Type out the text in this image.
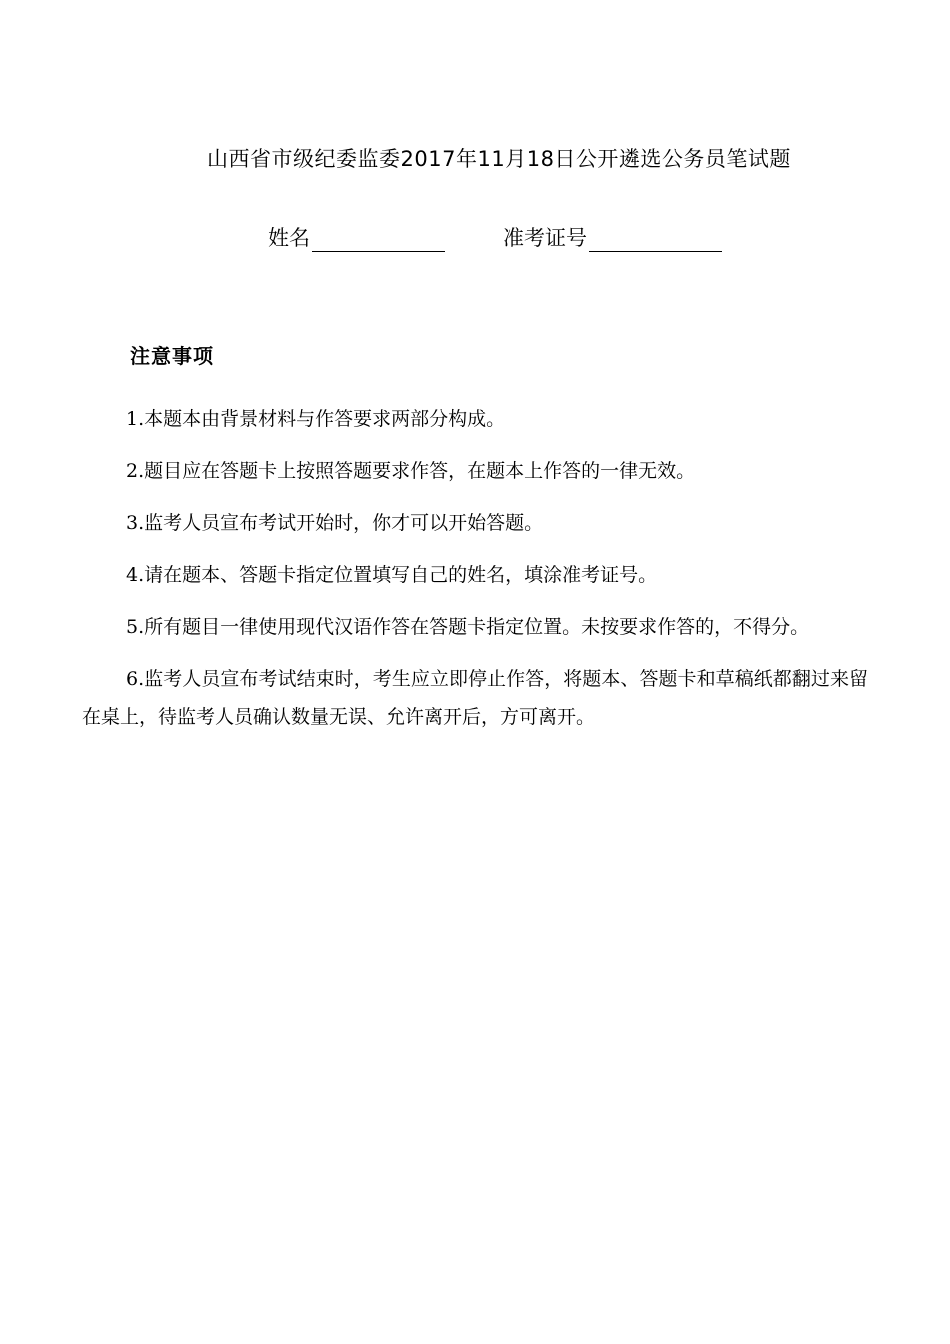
山西省市级纪委监委2017年11月18日公开遴选公务员笔试题
姓名	准考证号
注意事项

1.本题本由背景材料与作答要求两部分构成。

2.题目应在答题卡上按照答题要求作答，在题本上作答的一律无效。

3.监考人员宣布考试开始时，你才可以开始答题。

4.请在题本、答题卡指定位置填写自己的姓名，填涂准考证号。

5.所有题目一律使用现代汉语作答在答题卡指定位置。未按要求作答的，不得分。

6.监考人员宣布考试结束时，考生应立即停止作答，将题本、答题卡和草稿纸都翻过来留在桌上，待监考人员确认数量无误、允许离开后，方可离开。
